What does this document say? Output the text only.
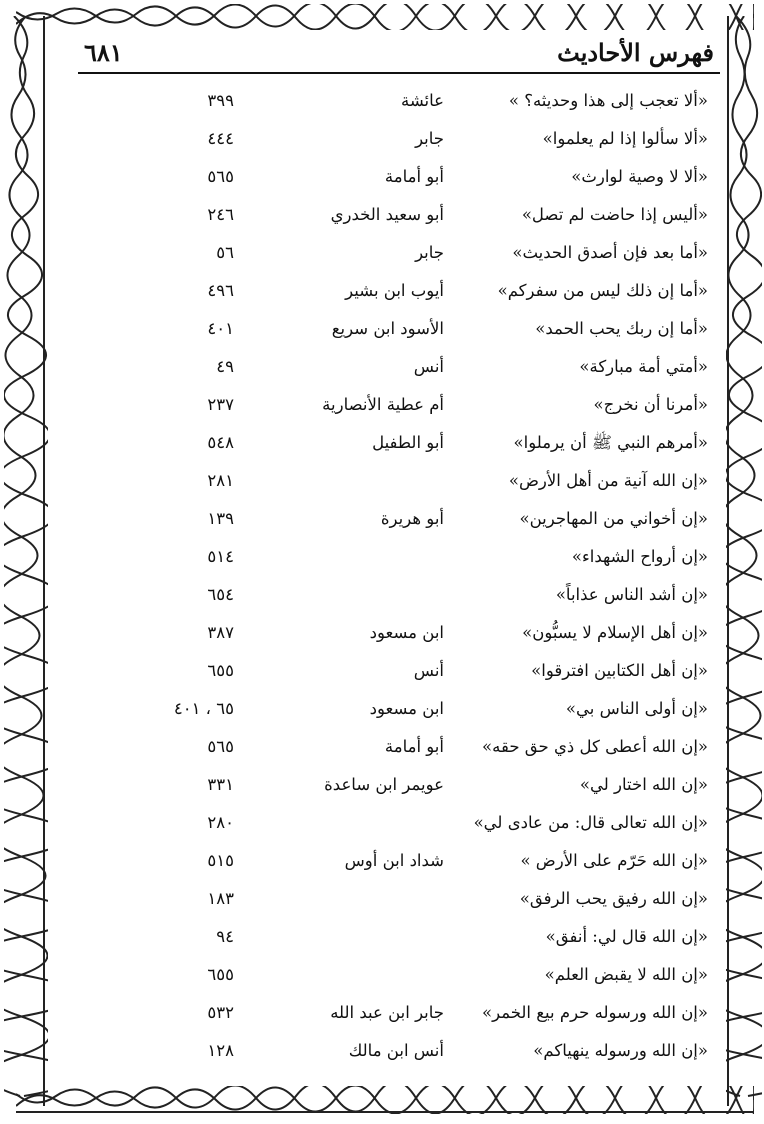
فهرس الأحاديث
٦٨١
«ألا تعجب إلى هذا وحديثه؟ »
عائشة
٣٩٩
«ألا سألوا إذا لم يعلموا»
جابر
٤٤٤
«ألا لا وصية لوارث»
أبو أمامة
٥٦٥
«أليس إذا حاضت لم تصل»
أبو سعيد الخدري
٢٤٦
«أما بعد فإن أصدق الحديث»
جابر
٥٦
«أما إن ذلك ليس من سفركم»
أيوب ابن بشير
٤٩٦
«أما إن ربك يحب الحمد»
الأسود ابن سريع
٤٠١
«أمتي أمة مباركة»
أنس
٤٩
«أمرنا أن نخرج»
أم عطية الأنصارية
٢٣٧
«أمرهم النبي ﷺ أن يرملوا»
أبو الطفيل
٥٤٨
«إن الله آنية من أهل الأرض»
٢٨١
«إن أخواني من المهاجرين»
أبو هريرة
١٣٩
«إن أرواح الشهداء»
٥١٤
«إن أشد الناس عذاباً»
٦٥٤
«إن أهل الإسلام لا يسبُّون»
ابن مسعود
٣٨٧
«إن أهل الكتابين افترقوا»
أنس
٦٥٥
«إن أولى الناس بي»
ابن مسعود
٦٥ ، ٤٠١
«إن الله أعطى كل ذي حق حقه»
أبو أمامة
٥٦٥
«إن الله اختار لي»
عويمر ابن ساعدة
٣٣١
«إن الله تعالى قال: من عادى لي»
٢٨٠
«إن الله حَرّم على الأرض »
شداد ابن أوس
٥١٥
«إن الله رفيق يحب الرفق»
١٨٣
«إن الله قال لي: أنفق»
٩٤
«إن الله لا يقبض العلم»
٦٥٥
«إن الله ورسوله حرم بيع الخمر»
جابر ابن عبد الله
٥٣٢
«إن الله ورسوله ينهياكم»
أنس ابن مالك
١٢٨
